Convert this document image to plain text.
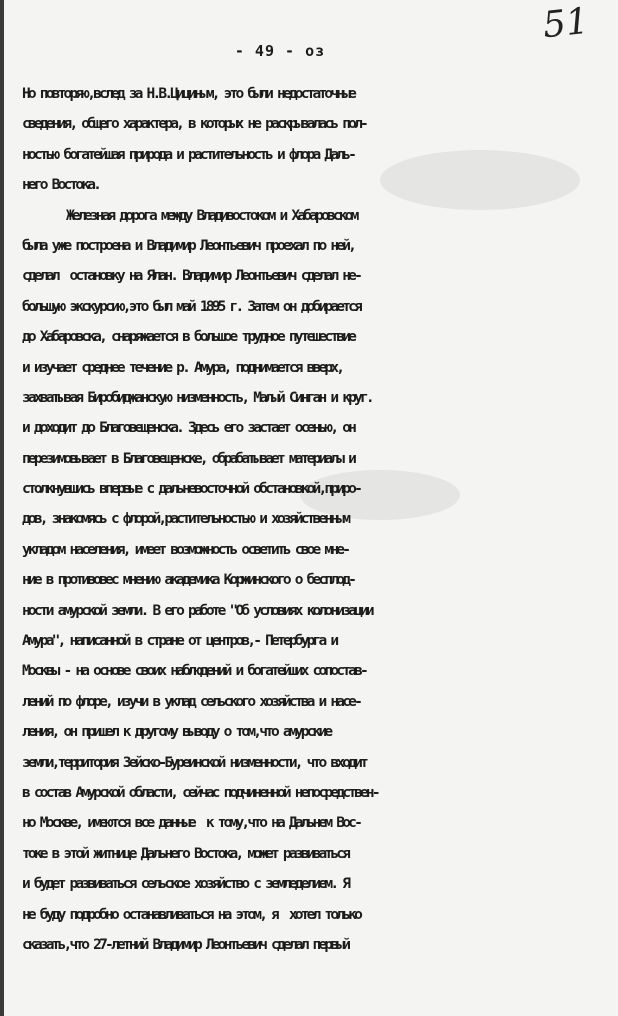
51
- 49 - оз
Но повторяю,вслед за Н.В.Цициным, это были недостаточные
сведения, общего характера, в которых не раскрывалась пол-
ностью богатейшая природа и растительность и флора Даль-
него Востока.
Железная дорога между Владивостоком и Хабаровском
была уже построена и Владимир Леонтьевич проехал по ней,
сделал  остановку на Ялан. Владимир Леонтьевич сделал не-
большую экскурсию,это был май 1895 г. Затем он добирается
до Хабаровска, снаряжается в большое трудное путешествие
и изучает среднее течение р. Амура, поднимается вверх,
захватывая Биробиджанскую низменность, Малый Синган и круг.
и доходит до Благовещенска. Здесь его застает осенью, он
перезимовывает в Благовещенске, обрабатывает материалы и
столкнувшись впервые с дальневосточной обстановкой,приро-
дов, знакомясь с флорой,растительностью и хозяйственным
укладом населения, имеет возможность осветить свое мне-
ние в противовес мнению академика Коржинского о бесплод-
ности амурской земли. В его работе "Об условиях колонизации
Амура", написанной в стране от центров,- Петербурга и
Москвы - на основе своих наблюдений и богатейших сопостав-
лений по флоре, изучи в уклад сельского хозяйства и насе-
ления, он пришел к другому выводу о том,что амурские
земли,территория Зейско-Буреинской низменности, что входит
в состав Амурской области, сейчас подчиненной непосредствен-
но Москве, имеются все данные  к тому,что на Дальнем Вос-
токе в этой житнице Дальнего Востока, может развиваться
и будет развиваться сельское хозяйство с земледелием. Я
не буду подробно останавливаться на этом, я  хотел только
сказать,что 27-летний Владимир Леонтьевич сделал первый
